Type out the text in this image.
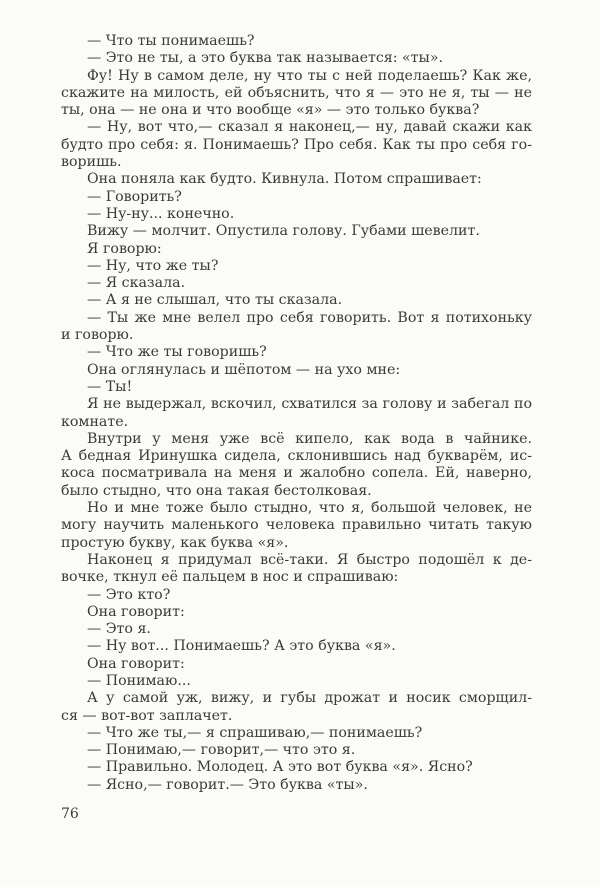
— Что ты понимаешь?
— Это не ты, а это буква так называется: «ты».
Фу! Ну в самом деле, ну что ты с ней поделаешь? Как же,
скажите на милость, ей объяснить, что я — это не я, ты — не
ты, она — не она и что вообще «я» — это только буква?
— Ну, вот что,— сказал я наконец,— ну, давай скажи как
будто про себя: я. Понимаешь? Про себя. Как ты про себя го-
воришь.
Она поняла как будто. Кивнула. Потом спрашивает:
— Говорить?
— Ну-ну... конечно.
Вижу — молчит. Опустила голову. Губами шевелит.
Я говорю:
— Ну, что же ты?
— Я сказала.
— А я не слышал, что ты сказала.
— Ты же мне велел про себя говорить. Вот я потихоньку
и говорю.
— Что же ты говоришь?
Она оглянулась и шёпотом — на ухо мне:
— Ты!
Я не выдержал, вскочил, схватился за голову и забегал по
комнате.
Внутри у меня уже всё кипело, как вода в чайнике.
А бедная Иринушка сидела, склонившись над букварём, ис-
коса посматривала на меня и жалобно сопела. Ей, наверно,
было стыдно, что она такая бестолковая.
Но и мне тоже было стыдно, что я, большой человек, не
могу научить маленького человека правильно читать такую
простую букву, как буква «я».
Наконец я придумал всё-таки. Я быстро подошёл к де-
вочке, ткнул её пальцем в нос и спрашиваю:
— Это кто?
Она говорит:
— Это я.
— Ну вот... Понимаешь? А это буква «я».
Она говорит:
— Понимаю...
А у самой уж, вижу, и губы дрожат и носик сморщил-
ся — вот-вот заплачет.
— Что же ты,— я спрашиваю,— понимаешь?
— Понимаю,— говорит,— что это я.
— Правильно. Молодец. А это вот буква «я». Ясно?
— Ясно,— говорит.— Это буква «ты».
76
